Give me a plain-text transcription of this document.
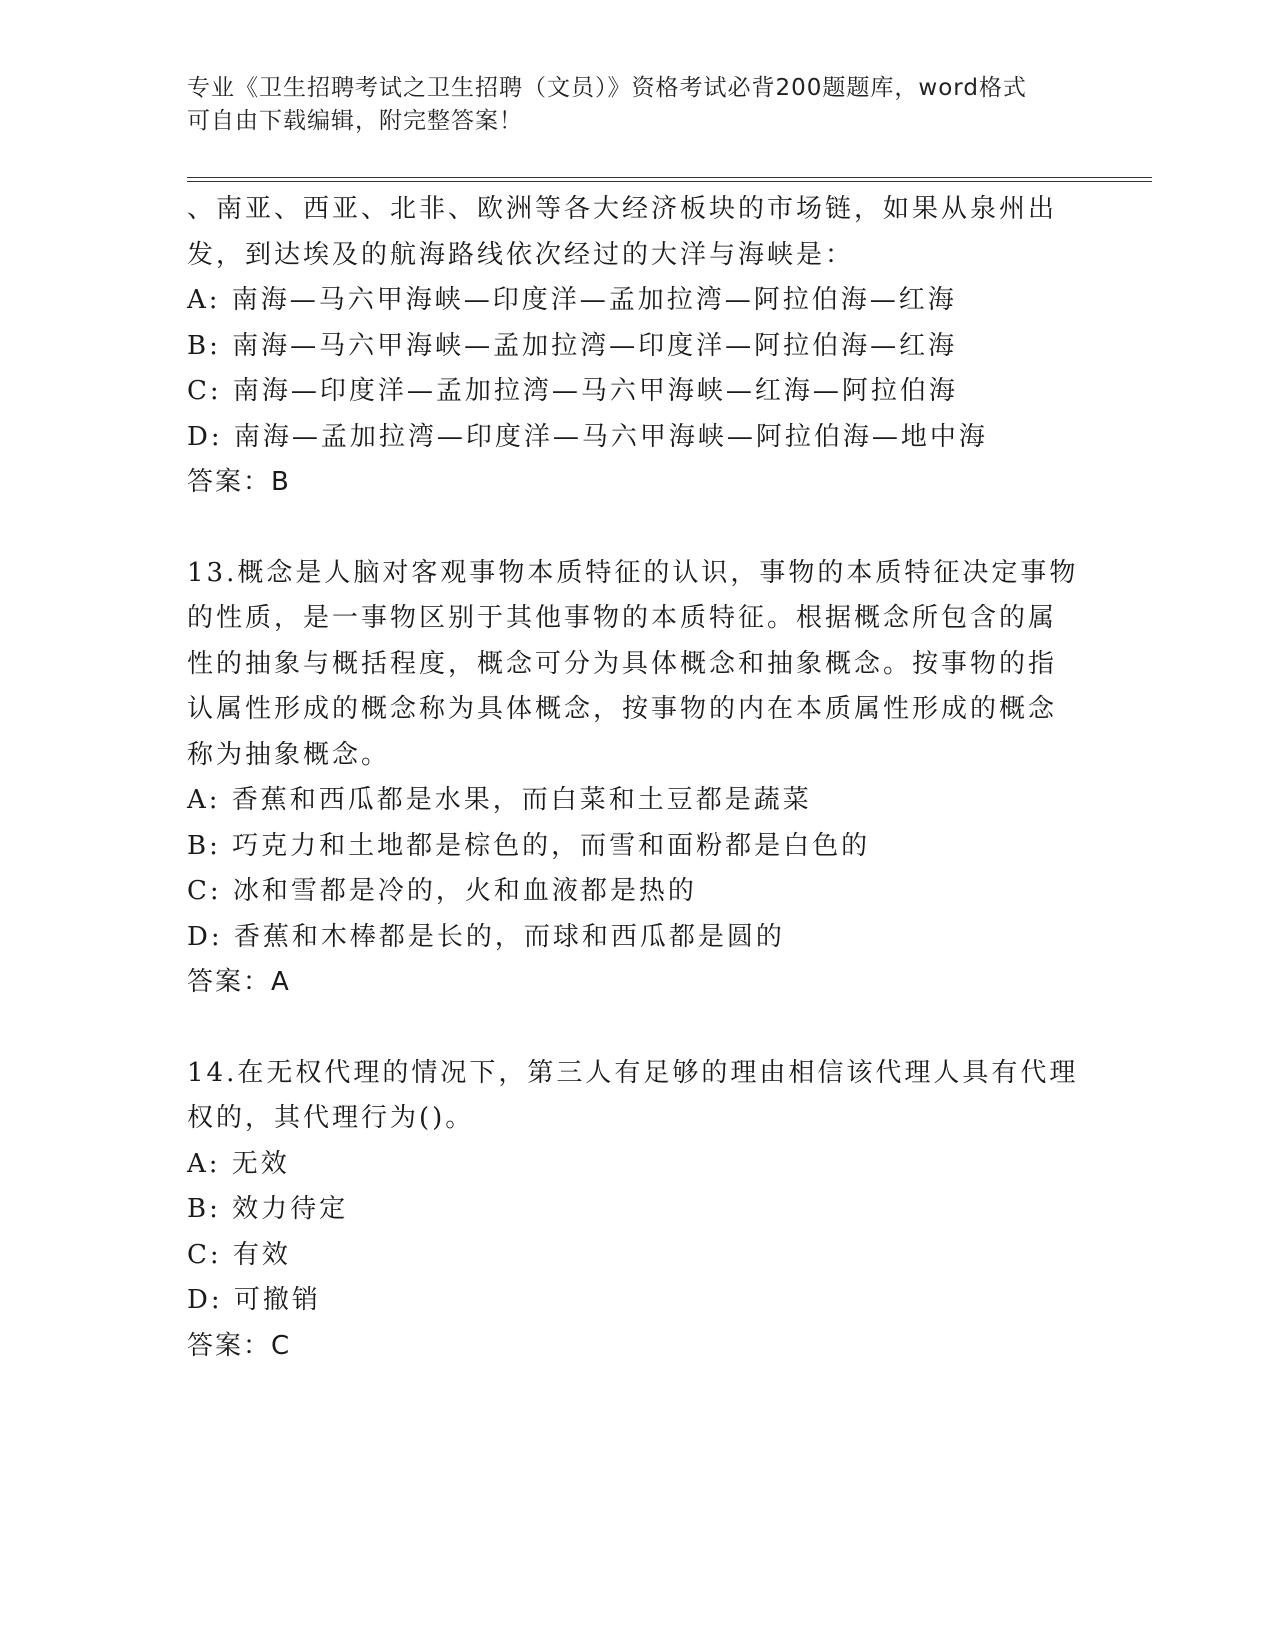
专业《卫生招聘考试之卫生招聘（文员）》资格考试必背200题题库，word格式
可自由下载编辑，附完整答案！
、南亚、西亚、北非、欧洲等各大经济板块的市场链，如果从泉州出
发，到达埃及的航海路线依次经过的大洋与海峡是：
A: 南海—马六甲海峡—印度洋—孟加拉湾—阿拉伯海—红海
B: 南海—马六甲海峡—孟加拉湾—印度洋—阿拉伯海—红海
C: 南海—印度洋—孟加拉湾—马六甲海峡—红海—阿拉伯海
D: 南海—孟加拉湾—印度洋—马六甲海峡—阿拉伯海—地中海
答案：B
13.概念是人脑对客观事物本质特征的认识，事物的本质特征决定事物
的性质，是一事物区别于其他事物的本质特征。根据概念所包含的属
性的抽象与概括程度，概念可分为具体概念和抽象概念。按事物的指
认属性形成的概念称为具体概念，按事物的内在本质属性形成的概念
称为抽象概念。
A: 香蕉和西瓜都是水果，而白菜和土豆都是蔬菜
B: 巧克力和土地都是棕色的，而雪和面粉都是白色的
C: 冰和雪都是冷的，火和血液都是热的
D: 香蕉和木棒都是长的，而球和西瓜都是圆的
答案：A
14.在无权代理的情况下，第三人有足够的理由相信该代理人具有代理
权的，其代理行为()。
A: 无效
B: 效力待定
C: 有效
D: 可撤销
答案：C
